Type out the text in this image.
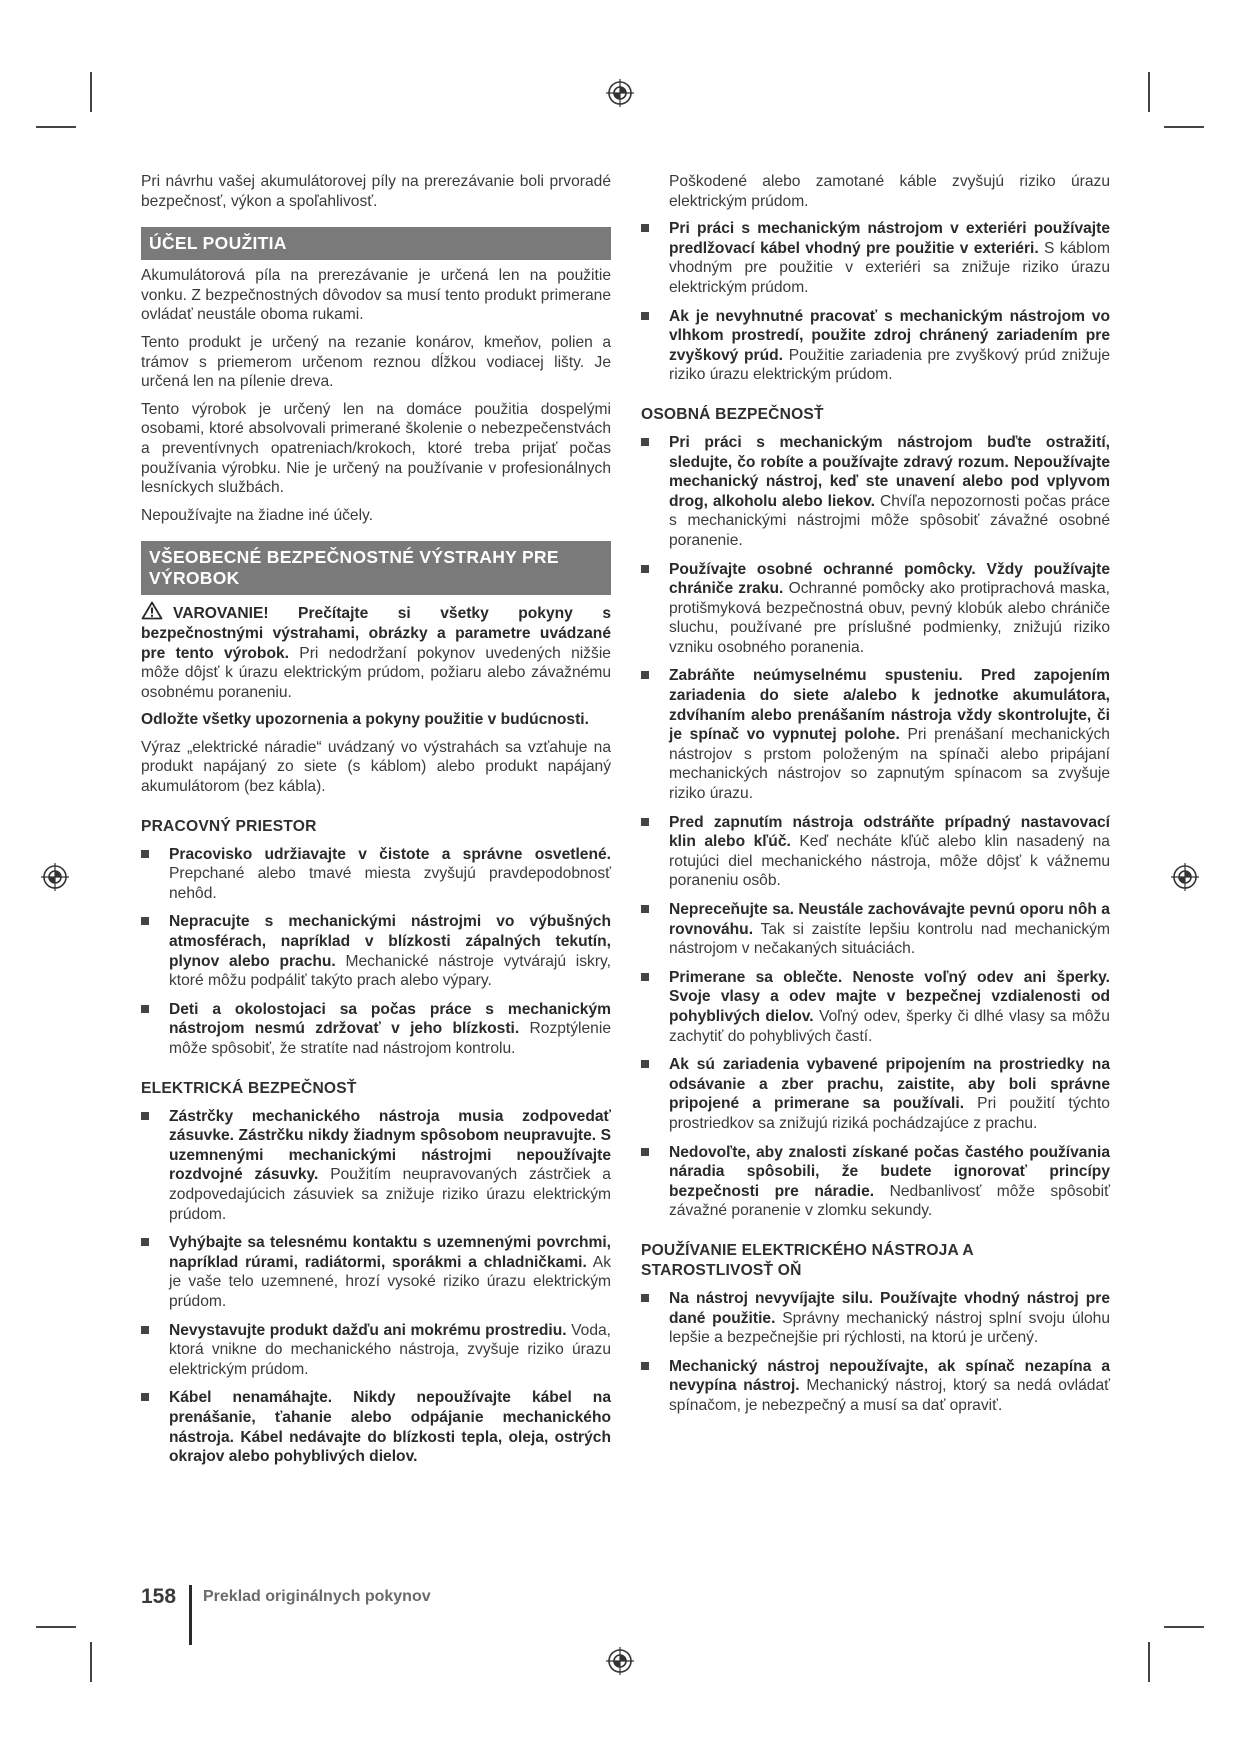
Pri návrhu vašej akumulátorovej píly na prerezávanie boli prvoradé bezpečnosť, výkon a spoľahlivosť.

ÚČEL POUŽITIA

Akumulátorová píla na prerezávanie je určená len na použitie vonku. Z bezpečnostných dôvodov sa musí tento produkt primerane ovládať neustále oboma rukami.

Tento produkt je určený na rezanie konárov, kmeňov, polien a trámov s priemerom určenom reznou dĺžkou vodiacej lišty. Je určená len na pílenie dreva.

Tento výrobok je určený len na domáce použitia dospelými osobami, ktoré absolvovali primerané školenie o nebezpečenstvách a preventívnych opatreniach/krokoch, ktoré treba prijať počas používania výrobku. Nie je určený na používanie v profesionálnych lesníckych službách.

Nepoužívajte na žiadne iné účely.

VŠEOBECNÉ BEZPEČNOSTNÉ VÝSTRAHY PRE VÝROBOK

VAROVANIE! Prečítajte si všetky pokyny s bezpečnostnými výstrahami, obrázky a parametre uvádzané pre tento výrobok. Pri nedodržaní pokynov uvedených nižšie môže dôjsť k úrazu elektrickým prúdom, požiaru alebo závažnému osobnému poraneniu.

Odložte všetky upozornenia a pokyny použitie v budúcnosti.

Výraz „elektrické náradie“ uvádzaný vo výstrahách sa vzťahuje na produkt napájaný zo siete (s káblom) alebo produkt napájaný akumulátorom (bez kábla).

PRACOVNÝ PRIESTOR
Pracovisko udržiavajte v čistote a správne osvetlené. Prepchané alebo tmavé miesta zvyšujú pravdepodobnosť nehôd.
Nepracujte s mechanickými nástrojmi vo výbušných atmosférach, napríklad v blízkosti zápalných tekutín, plynov alebo prachu. Mechanické nástroje vytvárajú iskry, ktoré môžu podpáliť takýto prach alebo výpary.
Deti a okolostojaci sa počas práce s mechanickým nástrojom nesmú zdržovať v jeho blízkosti. Rozptýlenie môže spôsobiť, že stratíte nad nástrojom kontrolu.
ELEKTRICKÁ BEZPEČNOSŤ
Zástrčky mechanického nástroja musia zodpovedať zásuvke. Zástrčku nikdy žiadnym spôsobom neupravujte. S uzemnenými mechanickými nástrojmi nepoužívajte rozdvojné zásuvky. Použitím neupravovaných zástrčiek a zodpovedajúcich zásuviek sa znižuje riziko úrazu elektrickým prúdom.
Vyhýbajte sa telesnému kontaktu s uzemnenými povrchmi, napríklad rúrami, radiátormi, sporákmi a chladničkami. Ak je vaše telo uzemnené, hrozí vysoké riziko úrazu elektrickým prúdom.
Nevystavujte produkt dažďu ani mokrému prostrediu. Voda, ktorá vnikne do mechanického nástroja, zvyšuje riziko úrazu elektrickým prúdom.
Kábel nenamáhajte. Nikdy nepoužívajte kábel na prenášanie, ťahanie alebo odpájanie mechanického nástroja. Kábel nedávajte do blízkosti tepla, oleja, ostrých okrajov alebo pohyblivých dielov.

Poškodené alebo zamotané káble zvyšujú riziko úrazu elektrickým prúdom.

Pri práci s mechanickým nástrojom v exteriéri používajte predlžovací kábel vhodný pre použitie v exteriéri. S káblom vhodným pre použitie v exteriéri sa znižuje riziko úrazu elektrickým prúdom.
Ak je nevyhnutné pracovať s mechanickým nástrojom vo vlhkom prostredí, použite zdroj chránený zariadením pre zvyškový prúd. Použitie zariadenia pre zvyškový prúd znižuje riziko úrazu elektrickým prúdom.
OSOBNÁ BEZPEČNOSŤ
Pri práci s mechanickým nástrojom buďte ostražití, sledujte, čo robíte a používajte zdravý rozum. Nepoužívajte mechanický nástroj, keď ste unavení alebo pod vplyvom drog, alkoholu alebo liekov. Chvíľa nepozornosti počas práce s mechanickými nástrojmi môže spôsobiť závažné osobné poranenie.
Používajte osobné ochranné pomôcky. Vždy používajte chrániče zraku. Ochranné pomôcky ako protiprachová maska, protišmyková bezpečnostná obuv, pevný klobúk alebo chrániče sluchu, používané pre príslušné podmienky, znižujú riziko vzniku osobného poranenia.
Zabráňte neúmyselnému spusteniu. Pred zapojením zariadenia do siete a/alebo k jednotke akumulátora, zdvíhaním alebo prenášaním nástroja vždy skontrolujte, či je spínač vo vypnutej polohe. Pri prenášaní mechanických nástrojov s prstom položeným na spínači alebo pripájaní mechanických nástrojov so zapnutým spínacom sa zvyšuje riziko úrazu.
Pred zapnutím nástroja odstráňte prípadný nastavovací klin alebo kľúč. Keď necháte kľúč alebo klin nasadený na rotujúci diel mechanického nástroja, môže dôjsť k vážnemu poraneniu osôb.
Nepreceňujte sa. Neustále zachovávajte pevnú oporu nôh a rovnováhu. Tak si zaistíte lepšiu kontrolu nad mechanickým nástrojom v nečakaných situáciách.
Primerane sa oblečte. Nenoste voľný odev ani šperky. Svoje vlasy a odev majte v bezpečnej vzdialenosti od pohyblivých dielov. Voľný odev, šperky či dlhé vlasy sa môžu zachytiť do pohyblivých častí.
Ak sú zariadenia vybavené pripojením na prostriedky na odsávanie a zber prachu, zaistite, aby boli správne pripojené a primerane sa používali. Pri použití týchto prostriedkov sa znižujú riziká pochádzajúce z prachu.
Nedovoľte, aby znalosti získané počas častého používania náradia spôsobili, že budete ignorovať princípy bezpečnosti pre náradie. Nedbanlivosť môže spôsobiť závažné poranenie v zlomku sekundy.
POUŽÍVANIE ELEKTRICKÉHO NÁSTROJA A STAROSTLIVOSŤ OŇ
Na nástroj nevyvíjajte silu. Používajte vhodný nástroj pre dané použitie. Správny mechanický nástroj splní svoju úlohu lepšie a bezpečnejšie pri rýchlosti, na ktorú je určený.
Mechanický nástroj nepoužívajte, ak spínač nezapína a nevypína nástroj. Mechanický nástroj, ktorý sa nedá ovládať spínačom, je nebezpečný a musí sa dať opraviť.
158 Preklad originálnych pokynov
